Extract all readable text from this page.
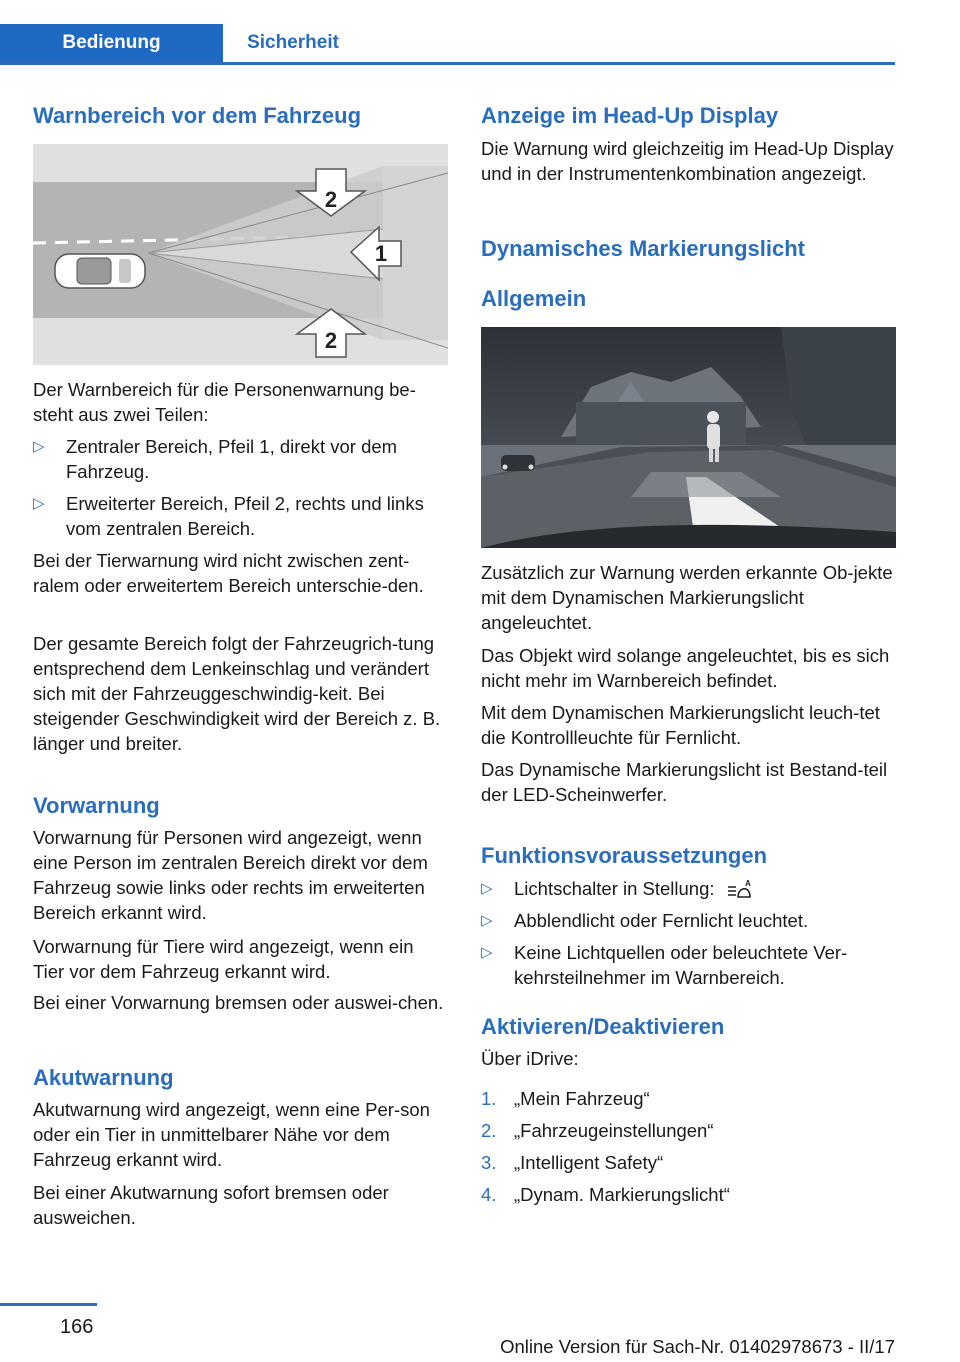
Bedienung	Sicherheit
Warnbereich vor dem Fahrzeug
2
1
2

Der Warnbereich für die Personenwarnung be‐steht aus zwei Teilen:

▷ Zentraler Bereich, Pfeil 1, direkt vor dem Fahrzeug.
▷ Erweiterter Bereich, Pfeil 2, rechts und links vom zentralen Bereich.

Bei der Tierwarnung wird nicht zwischen zent‐ralem oder erweitertem Bereich unterschie‐den.

Der gesamte Bereich folgt der Fahrzeugrich‐tung entsprechend dem Lenkeinschlag und verändert sich mit der Fahrzeuggeschwindig‐keit. Bei steigender Geschwindigkeit wird der Bereich z. B. länger und breiter.

Vorwarnung

Vorwarnung für Personen wird angezeigt, wenn eine Person im zentralen Bereich direkt vor dem Fahrzeug sowie links oder rechts im erweiterten Bereich erkannt wird.

Vorwarnung für Tiere wird angezeigt, wenn ein Tier vor dem Fahrzeug erkannt wird.

Bei einer Vorwarnung bremsen oder auswei‐chen.

Akutwarnung

Akutwarnung wird angezeigt, wenn eine Per‐son oder ein Tier in unmittelbarer Nähe vor dem Fahrzeug erkannt wird.

Bei einer Akutwarnung sofort bremsen oder ausweichen.

Anzeige im Head-Up Display

Die Warnung wird gleichzeitig im Head-Up Display und in der Instrumentenkombination angezeigt.

Dynamisches Markierungslicht
Allgemein

Zusätzlich zur Warnung werden erkannte Ob‐jekte mit dem Dynamischen Markierungslicht angeleuchtet.

Das Objekt wird solange angeleuchtet, bis es sich nicht mehr im Warnbereich befindet.

Mit dem Dynamischen Markierungslicht leuch‐tet die Kontrollleuchte für Fernlicht.

Das Dynamische Markierungslicht ist Bestand‐teil der LED-Scheinwerfer.

Funktionsvoraussetzungen
▷ Lichtschalter in Stellung:	A
▷ Abblendlicht oder Fernlicht leuchtet.
▷ Keine Lichtquellen oder beleuchtete Ver‐kehrsteilnehmer im Warnbereich.
Aktivieren/Deaktivieren

Über iDrive:

1. „Mein Fahrzeug“
2. „Fahrzeugeinstellungen“
3. „Intelligent Safety“
4. „Dynam. Markierungslicht“
166
Online Version für Sach-Nr. 01402978673 - II/17
